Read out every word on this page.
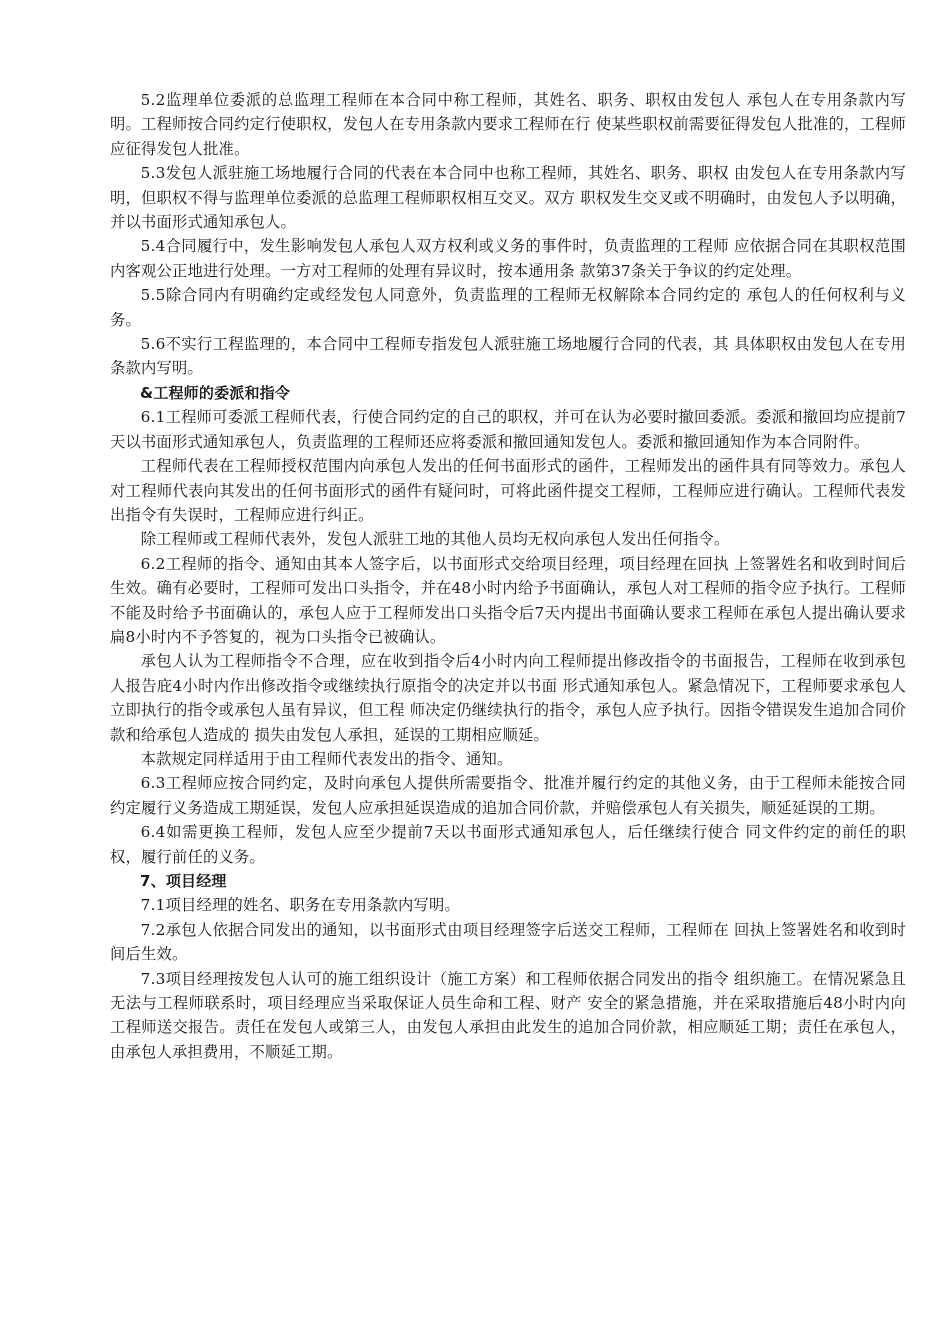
5.2监理单位委派的总监理工程师在本合同中称工程师，其姓名、职务、职权由发包人 承包人在专用条款内写明。工程师按合同约定行使职权，发包人在专用条款内要求工程师在行 使某些职权前需要征得发包人批准的，工程师应征得发包人批准。

5.3发包人派驻施工场地履行合同的代表在本合同中也称工程师，其姓名、职务、职权 由发包人在专用条款内写明，但职权不得与监理单位委派的总监理工程师职权相互交叉。双方 职权发生交叉或不明确时，由发包人予以明确，并以书面形式通知承包人。

5.4合同履行中，发生影响发包人承包人双方权利或义务的事件时，负责监理的工程师 应依据合同在其职权范围内客观公正地进行处理。一方对工程师的处理有异议时，按本通用条 款第37条关于争议的约定处理。

5.5除合同内有明确约定或经发包人同意外，负责监理的工程师无权解除本合同约定的 承包人的任何权利与义务。

5.6不实行工程监理的，本合同中工程师专指发包人派驻施工场地履行合同的代表，其 具体职权由发包人在专用条款内写明。

&工程师的委派和指令

6.1工程师可委派工程师代表，行使合同约定的自己的职权，并可在认为必要时撤回委派。委派和撤回均应提前7天以书面形式通知承包人，负责监理的工程师还应将委派和撤回通知发包人。委派和撤回通知作为本合同附件。

工程师代表在工程师授权范围内向承包人发出的任何书面形式的函件，工程师发出的函件具有同等效力。承包人对工程师代表向其发出的任何书面形式的函件有疑问时，可将此函件提交工程师，工程师应进行确认。工程师代表发出指令有失误时，工程师应进行纠正。

除工程师或工程师代表外，发包人派驻工地的其他人员均无权向承包人发出任何指令。

6.2工程师的指令、通知由其本人签字后，以书面形式交给项目经理，项目经理在回执 上签署姓名和收到时间后生效。确有必要时，工程师可发出口头指令，并在48小时内给予书面确认，承包人对工程师的指令应予执行。工程师不能及时给予书面确认的，承包人应于工程师发出口头指令后7天内提出书面确认要求工程师在承包人提出确认要求扁8小时内不予答复的，视为口头指令已被确认。

承包人认为工程师指令不合理，应在收到指令后4小时内向工程师提出修改指令的书面报告，工程师在收到承包人报告庇4小时内作出修改指令或继续执行原指令的决定并以书面 形式通知承包人。紧急情况下，工程师要求承包人立即执行的指令或承包人虽有异议，但工程 师决定仍继续执行的指令，承包人应予执行。因指令错误发生追加合同价款和给承包人造成的 损失由发包人承担，延误的工期相应顺延。

本款规定同样适用于由工程师代表发出的指令、通知。

6.3工程师应按合同约定，及时向承包人提供所需要指令、批准并履行约定的其他义务，由于工程师未能按合同约定履行义务造成工期延误，发包人应承担延误造成的追加合同价款，并赔偿承包人有关损失，顺延延误的工期。

6.4如需更换工程师，发包人应至少提前7天以书面形式通知承包人，后任继续行使合 同文件约定的前任的职权，履行前任的义务。

7、项目经理

7.1项目经理的姓名、职务在专用条款内写明。

7.2承包人依据合同发出的通知，以书面形式由项目经理签字后送交工程师，工程师在 回执上签署姓名和收到时间后生效。

7.3项目经理按发包人认可的施工组织设计（施工方案）和工程师依据合同发出的指令 组织施工。在情况紧急且无法与工程师联系时，项目经理应当采取保证人员生命和工程、财产 安全的紧急措施，并在采取措施后48小时内向工程师送交报告。责任在发包人或第三人，由发包人承担由此发生的追加合同价款，相应顺延工期；责任在承包人，由承包人承担费用，不顺延工期。
